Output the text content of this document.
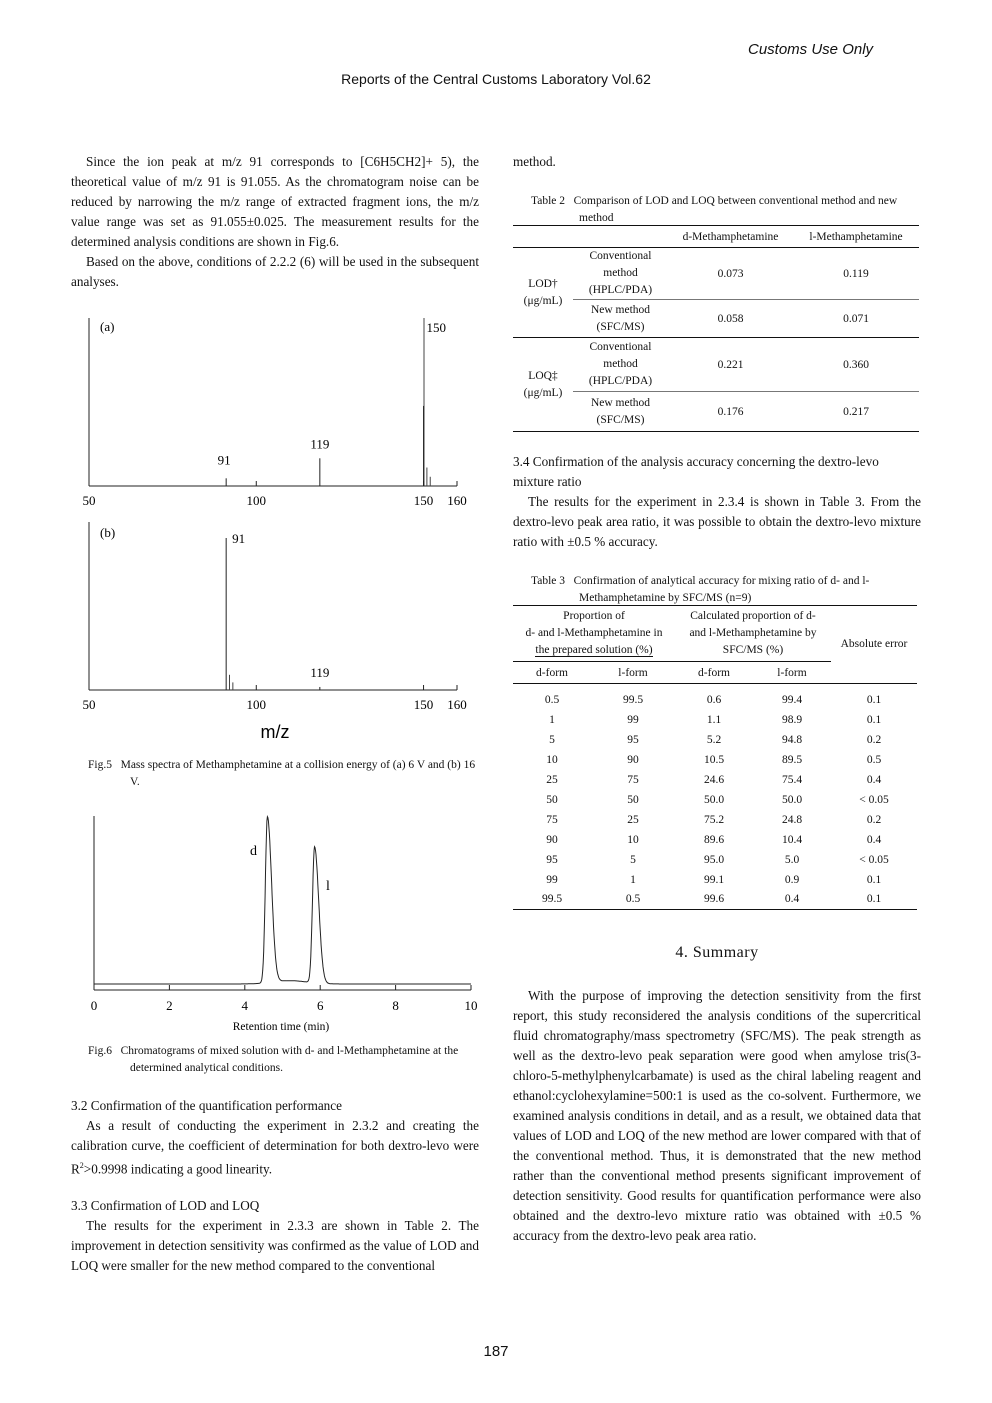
Customs Use Only
Reports of the Central Customs Laboratory Vol.62

Since the ion peak at m/z 91 corresponds to [C6H5CH2]+ 5), the theoretical value of m/z 91 is 91.055. As the chromatogram noise can be reduced by narrowing the m/z range of extracted fragment ions, the m/z value range was set as 91.055±0.025. The measurement results for the determined analysis conditions are shown in Fig.6.

Based on the above, conditions of 2.2.2 (6) will be used in the subsequent analyses.

(a)
91
119
150
50	100	150 160
(b)	91
119
50	100	150 160
m/z
Fig.5 Mass spectra of Methamphetamine at a collision energy of (a) 6 V and (b) 16 V.
0	2	4	6	8	10
d
l
Retention time (min)
Fig.6 Chromatograms of mixed solution with d- and l-Methamphetamine at the determined analytical conditions.

3.2 Confirmation of the quantification performance

As a result of conducting the experiment in 2.3.2 and creating the calibration curve, the coefficient of determination for both dextro-levo were $R^2>0.9998$ indicating a good linearity.

3.3 Confirmation of LOD and LOQ

The results for the experiment in 2.3.3 are shown in Table 2. The improvement in detection sensitivity was confirmed as the value of LOD and LOQ were smaller for the new method compared to the conventional

method.

Table 2 Comparison of LOD and LOQ between conventional method and new method
		d-Methamphetamine	l-Methamphetamine
LOD†
(μg/mL)	Conventional
method
(HPLC/PDA)	0.073	0.119
	New method
(SFC/MS)	0.058	0.071
LOQ‡
(μg/mL)	Conventional
method
(HPLC/PDA)	0.221	0.360
	New method
(SFC/MS)	0.176	0.217

3.4 Confirmation of the analysis accuracy concerning the dextro-levo mixture ratio

The results for the experiment in 2.3.4 is shown in Table 3. From the dextro-levo peak area ratio, it was possible to obtain the dextro-levo mixture ratio with ±0.5 % accuracy.

Table 3 Confirmation of analytical accuracy for mixing ratio of d- and l-Methamphetamine by SFC/MS (n=9)
Proportion of
d- and l-Methamphetamine in
the prepared solution (%)		Calculated proportion of d-
and l-Methamphetamine by
SFC/MS (%)		Absolute error
d-form	l-form	d-form	l-form	
0.5	99.5	0.6	99.4	0.1
1	99	1.1	98.9	0.1
5	95	5.2	94.8	0.2
10	90	10.5	89.5	0.5
25	75	24.6	75.4	0.4
50	50	50.0	50.0	< 0.05
75	25	75.2	24.8	0.2
90	10	89.6	10.4	0.4
95	5	95.0	5.0	< 0.05
99	1	99.1	0.9	0.1
99.5	0.5	99.6	0.4	0.1
4. Summary

With the purpose of improving the detection sensitivity from the first report, this study reconsidered the analysis conditions of the supercritical fluid chromatography/mass spectrometry (SFC/MS). The peak strength as well as the dextro-levo peak separation were good when amylose tris(3-chloro-5-methylphenylcarbamate) is used as the chiral labeling reagent and ethanol:cyclohexylamine=500:1 is used as the co-solvent. Furthermore, we examined analysis conditions in detail, and as a result, we obtained data that values of LOD and LOQ of the new method are lower compared with that of the conventional method. Thus, it is demonstrated that the new method rather than the conventional method presents significant improvement of detection sensitivity. Good results for quantification performance were also obtained and the dextro-levo mixture ratio was obtained with ±0.5 % accuracy from the dextro-levo peak area ratio.

187
